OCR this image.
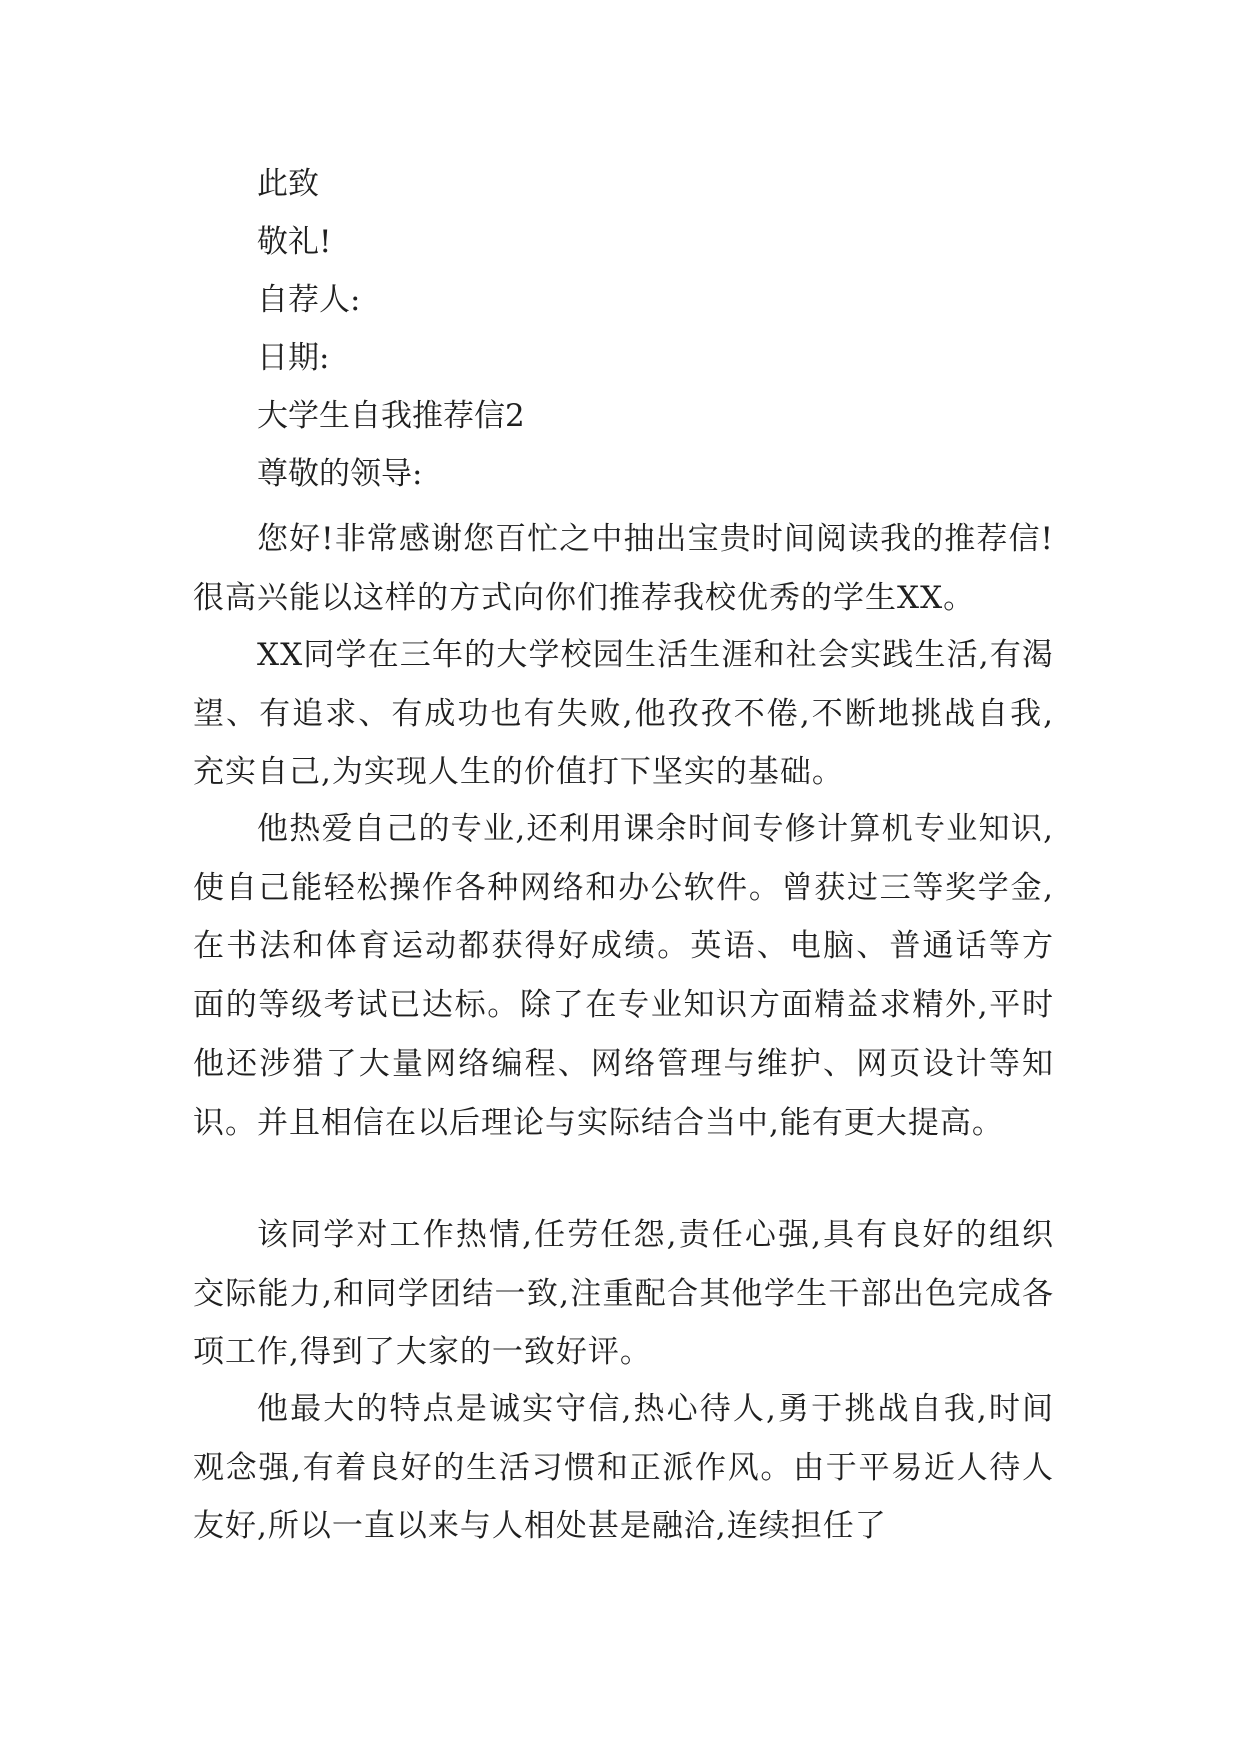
此致

敬礼!

自荐人:

日期:

大学生自我推荐信2

尊敬的领导:

您好!非常感谢您百忙之中抽出宝贵时间阅读我的推荐信!很高兴能以这样的方式向你们推荐我校优秀的学生XX。

XX同学在三年的大学校园生活生涯和社会实践生活,有渴望、有追求、有成功也有失败,他孜孜不倦,不断地挑战自我,充实自己,为实现人生的价值打下坚实的基础。

他热爱自己的专业,还利用课余时间专修计算机专业知识,使自己能轻松操作各种网络和办公软件。曾获过三等奖学金,在书法和体育运动都获得好成绩。英语、电脑、普通话等方面的等级考试已达标。除了在专业知识方面精益求精外,平时他还涉猎了大量网络编程、网络管理与维护、网页设计等知识。并且相信在以后理论与实际结合当中,能有更大提高。

该同学对工作热情,任劳任怨,责任心强,具有良好的组织交际能力,和同学团结一致,注重配合其他学生干部出色完成各项工作,得到了大家的一致好评。

他最大的特点是诚实守信,热心待人,勇于挑战自我,时间观念强,有着良好的生活习惯和正派作风。由于平易近人待人友好,所以一直以来与人相处甚是融洽,连续担任了
